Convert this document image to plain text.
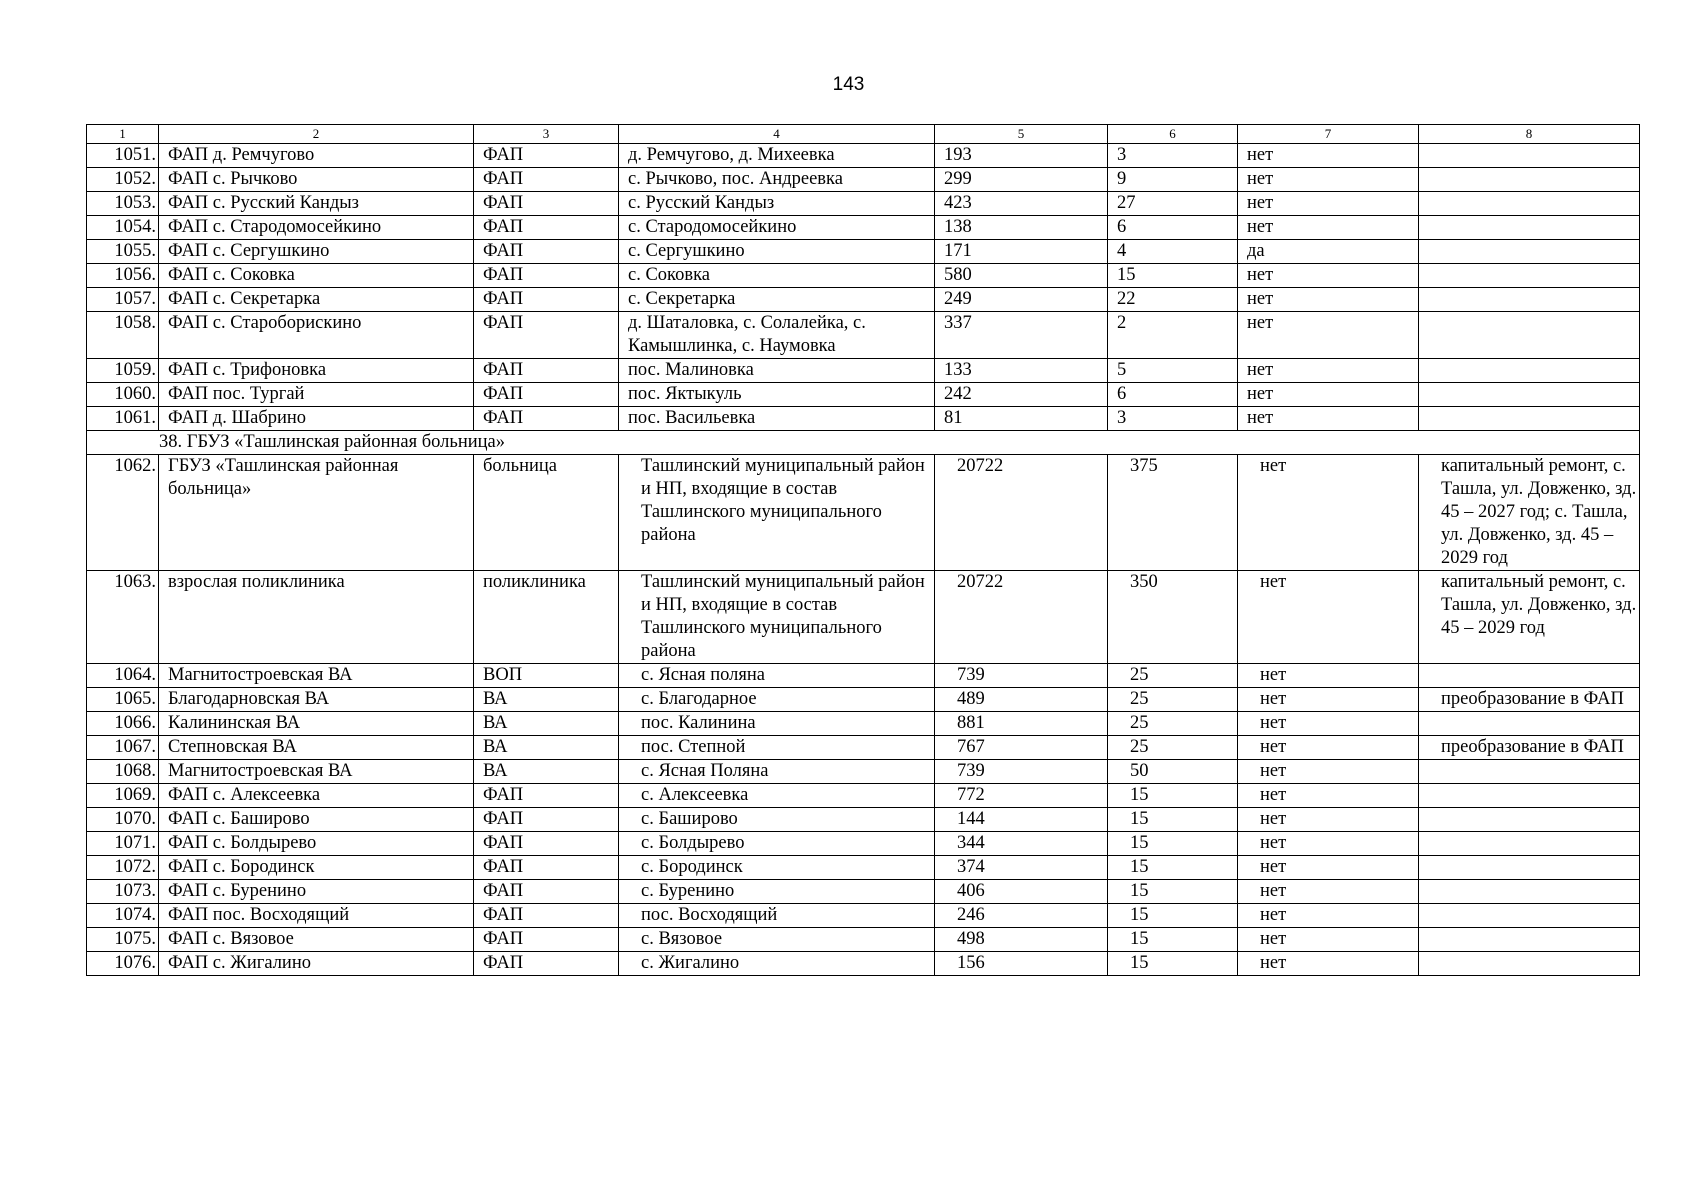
143
1	2	3	4	5	6	7	8
1051.	ФАП д. Ремчугово	ФАП	д. Ремчугово, д. Михеевка	193	3	нет	
1052.	ФАП с. Рычково	ФАП	с. Рычково, пос. Андреевка	299	9	нет	
1053.	ФАП с. Русский Кандыз	ФАП	с. Русский Кандыз	423	27	нет	
1054.	ФАП с. Стародомосейкино	ФАП	с. Стародомосейкино	138	6	нет	
1055.	ФАП с. Сергушкино	ФАП	с. Сергушкино	171	4	да	
1056.	ФАП с. Соковка	ФАП	с. Соковка	580	15	нет	
1057.	ФАП с. Секретарка	ФАП	с. Секретарка	249	22	нет	
1058.	ФАП с. Староборискино	ФАП	д. Шаталовка, с. Солалейка, с. Камышлинка, с. Наумовка	337	2	нет	
1059.	ФАП с. Трифоновка	ФАП	пос. Малиновка	133	5	нет	
1060.	ФАП пос. Тургай	ФАП	пос. Яктыкуль	242	6	нет	
1061.	ФАП д. Шабрино	ФАП	пос. Васильевка	81	3	нет	
38. ГБУЗ «Ташлинская районная больница»							
1062.	ГБУЗ «Ташлинская районная больница»	больница	Ташлинский муниципальный район и НП, входящие в состав Ташлинского муниципального района	20722	375	нет	капитальный ремонт, с. Ташла, ул. Довженко, зд. 45 – 2027 год; с. Ташла, ул. Довженко, зд. 45 – 2029 год
1063.	взрослая поликлиника	поликлиника	Ташлинский муниципальный район и НП, входящие в состав Ташлинского муниципального района	20722	350	нет	капитальный ремонт, с. Ташла, ул. Довженко, зд. 45 – 2029 год
1064.	Магнитостроевская ВА	ВОП	с. Ясная поляна	739	25	нет	
1065.	Благодарновская ВА	ВА	с. Благодарное	489	25	нет	преобразование в ФАП
1066.	Калининская ВА	ВА	пос. Калинина	881	25	нет	
1067.	Степновская ВА	ВА	пос. Степной	767	25	нет	преобразование в ФАП
1068.	Магнитостроевская ВА	ВА	с. Ясная Поляна	739	50	нет	
1069.	ФАП с. Алексеевка	ФАП	с. Алексеевка	772	15	нет	
1070.	ФАП с. Баширово	ФАП	с. Баширово	144	15	нет	
1071.	ФАП с. Болдырево	ФАП	с. Болдырево	344	15	нет	
1072.	ФАП с. Бородинск	ФАП	с. Бородинск	374	15	нет	
1073.	ФАП с. Буренино	ФАП	с. Буренино	406	15	нет	
1074.	ФАП пос. Восходящий	ФАП	пос. Восходящий	246	15	нет	
1075.	ФАП с. Вязовое	ФАП	с. Вязовое	498	15	нет	
1076.	ФАП с. Жигалино	ФАП	с. Жигалино	156	15	нет	
